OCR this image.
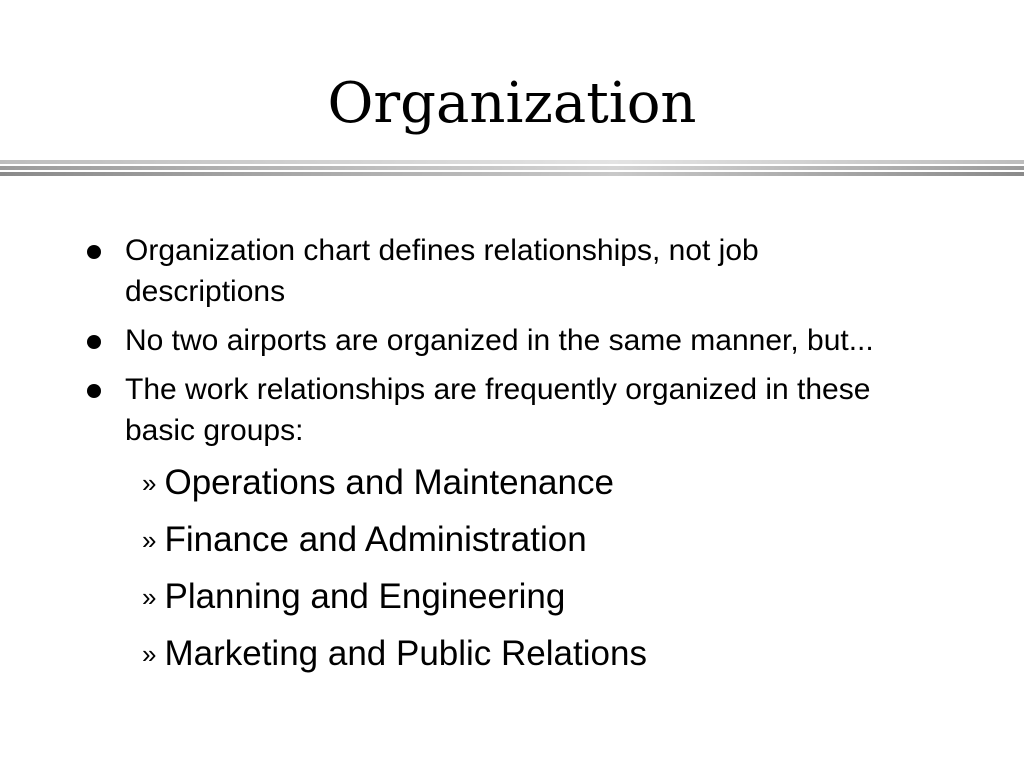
Organization
Organization chart defines relationships, not job descriptions
No two airports are organized in the same manner, but...
The work relationships are frequently organized in these basic groups:
» Operations and Maintenance
» Finance and Administration
» Planning and Engineering
» Marketing and Public Relations
